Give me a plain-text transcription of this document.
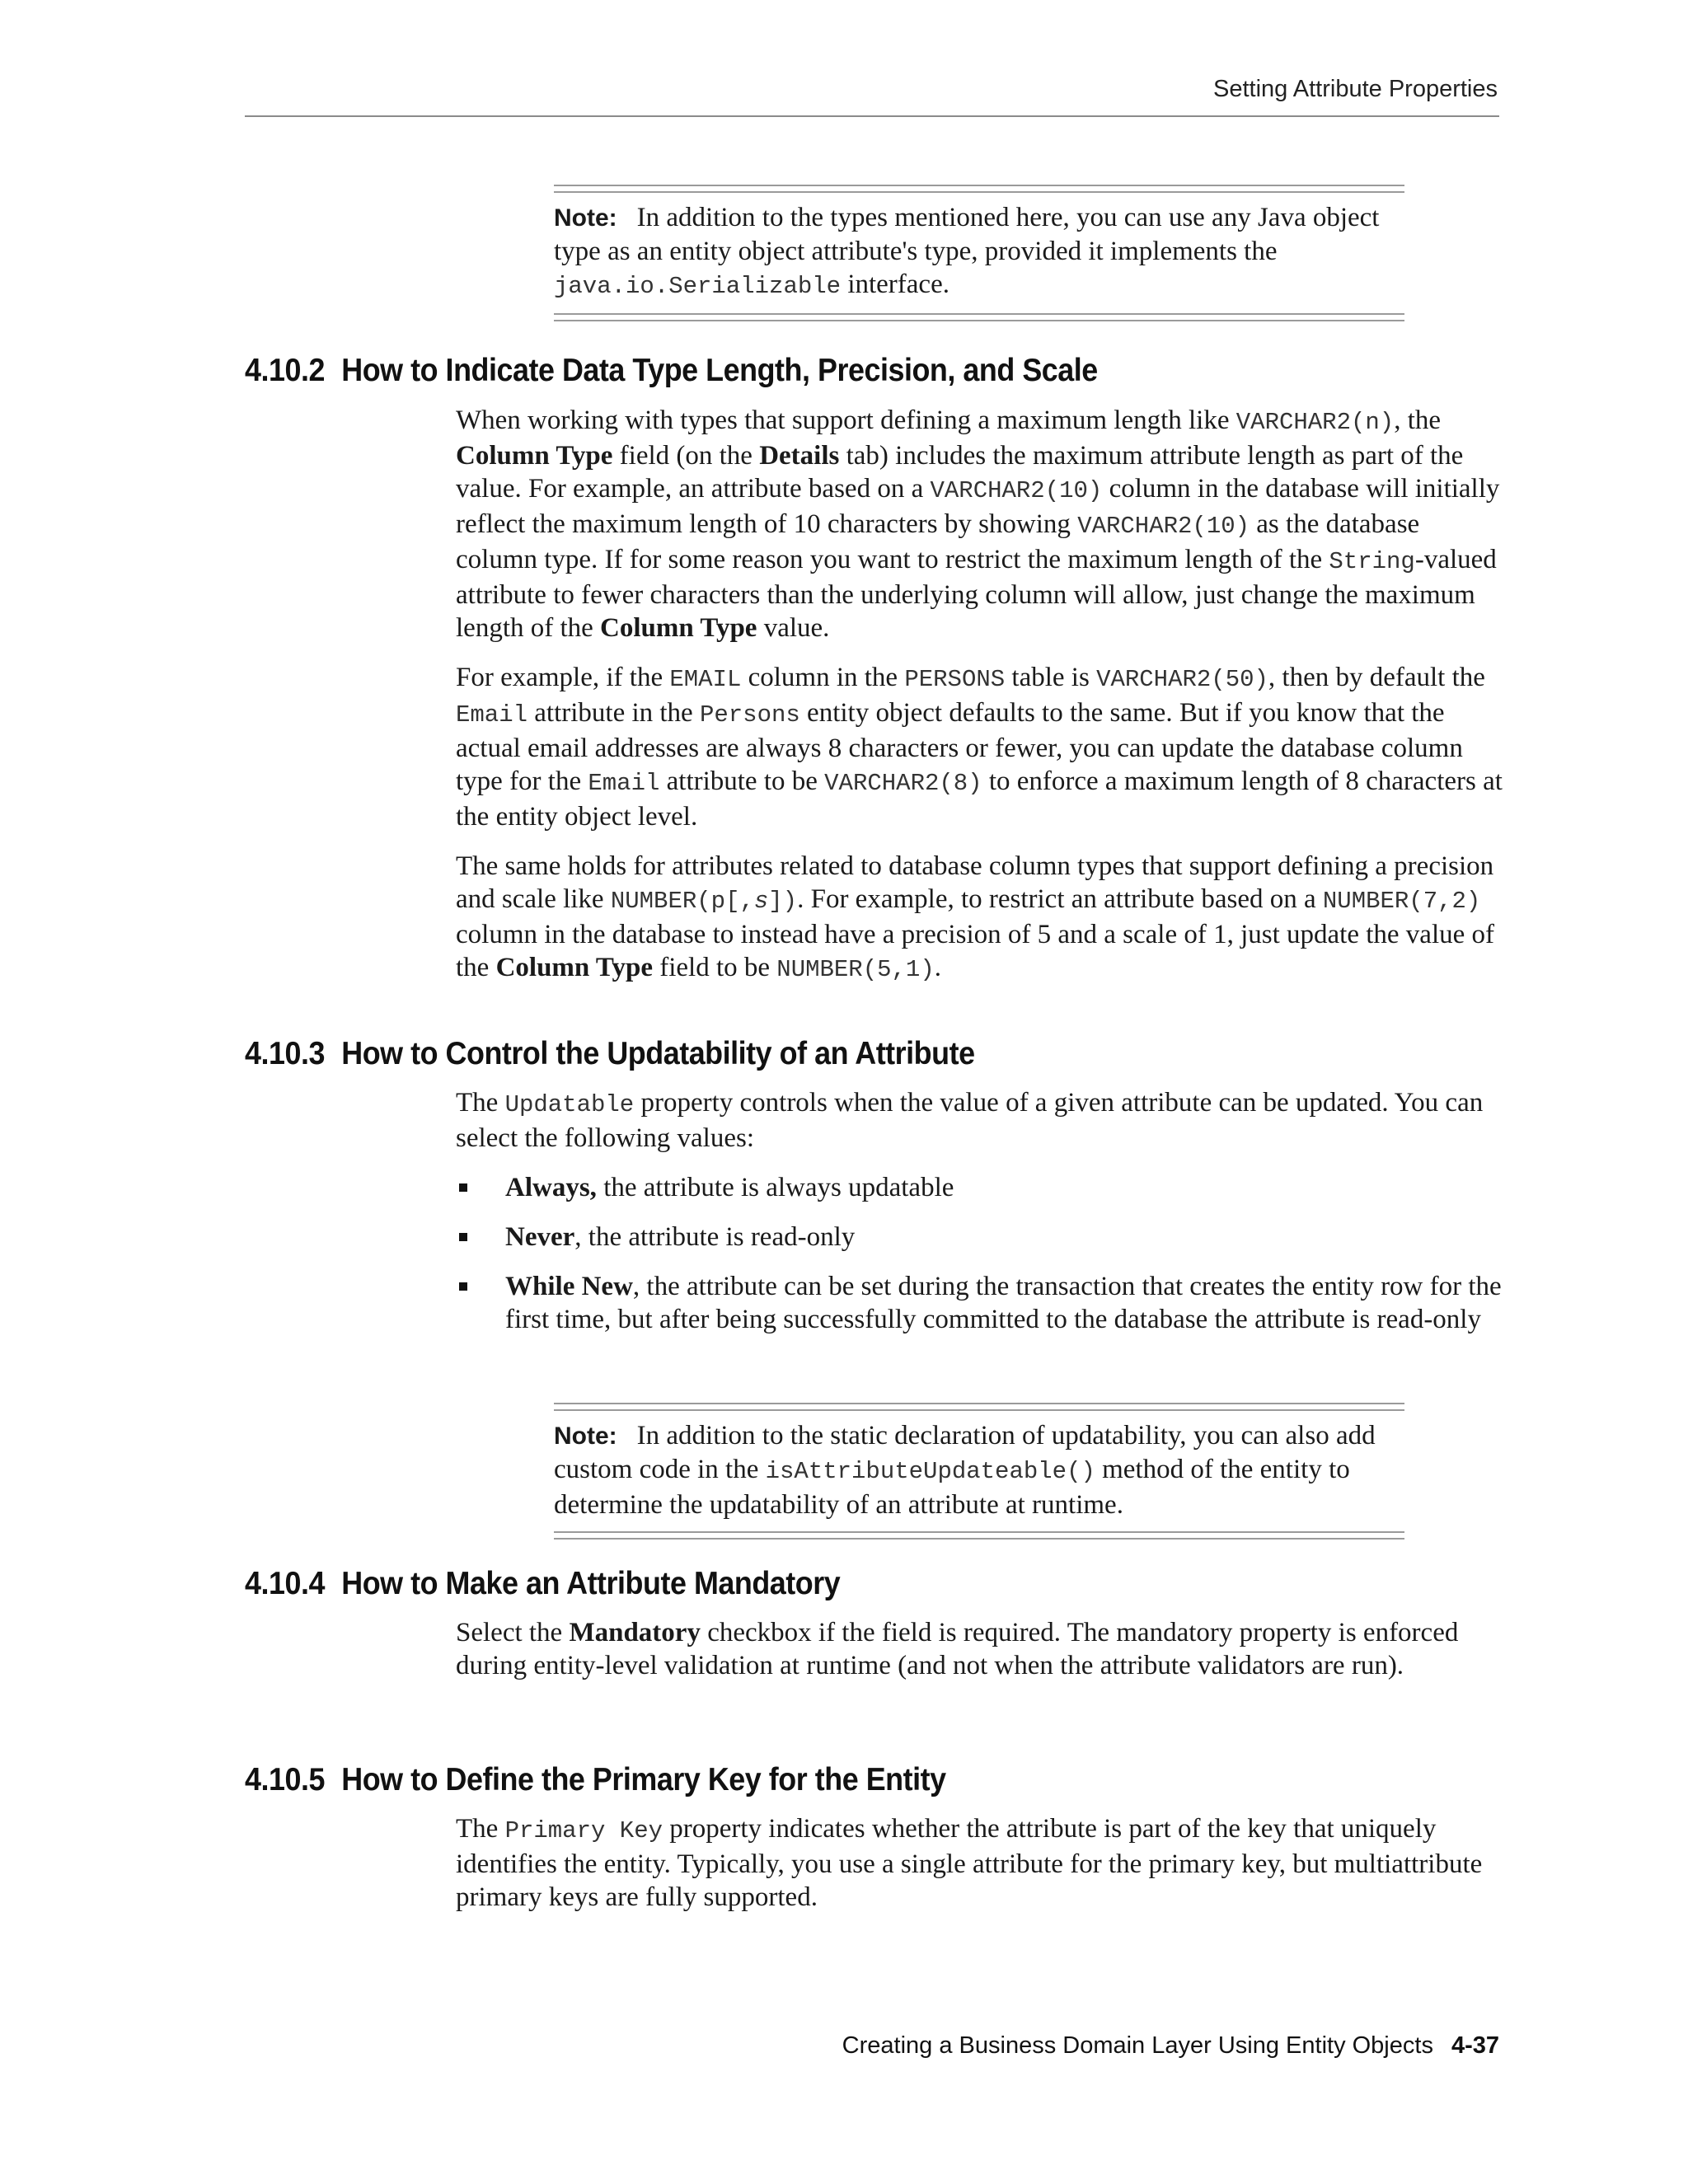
Setting Attribute Properties
Note: In addition to the types mentioned here, you can use any Java object type as an entity object attribute's type, provided it implements the java.io.Serializable interface.
4.10.2 How to Indicate Data Type Length, Precision, and Scale

When working with types that support defining a maximum length like VARCHAR2(n), the Column Type field (on the Details tab) includes the maximum attribute length as part of the value. For example, an attribute based on a VARCHAR2(10) column in the database will initially reflect the maximum length of 10 characters by showing VARCHAR2(10) as the database column type. If for some reason you want to restrict the maximum length of the String-valued attribute to fewer characters than the underlying column will allow, just change the maximum length of the Column Type value.

For example, if the EMAIL column in the PERSONS table is VARCHAR2(50), then by default the Email attribute in the Persons entity object defaults to the same. But if you know that the actual email addresses are always 8 characters or fewer, you can update the database column type for the Email attribute to be VARCHAR2(8) to enforce a maximum length of 8 characters at the entity object level.

The same holds for attributes related to database column types that support defining a precision and scale like NUMBER(p[,s]). For example, to restrict an attribute based on a NUMBER(7,2) column in the database to instead have a precision of 5 and a scale of 1, just update the value of the Column Type field to be NUMBER(5,1).

4.10.3 How to Control the Updatability of an Attribute

The Updatable property controls when the value of a given attribute can be updated. You can select the following values:

Always, the attribute is always updatable
Never, the attribute is read-only
While New, the attribute can be set during the transaction that creates the entity row for the first time, but after being successfully committed to the database the attribute is read-only
Note: In addition to the static declaration of updatability, you can also add custom code in the isAttributeUpdateable() method of the entity to determine the updatability of an attribute at runtime.
4.10.4 How to Make an Attribute Mandatory

Select the Mandatory checkbox if the field is required. The mandatory property is enforced during entity-level validation at runtime (and not when the attribute validators are run).

4.10.5 How to Define the Primary Key for the Entity

The Primary Key property indicates whether the attribute is part of the key that uniquely identifies the entity. Typically, you use a single attribute for the primary key, but multiattribute primary keys are fully supported.

Creating a Business Domain Layer Using Entity Objects 4-37
